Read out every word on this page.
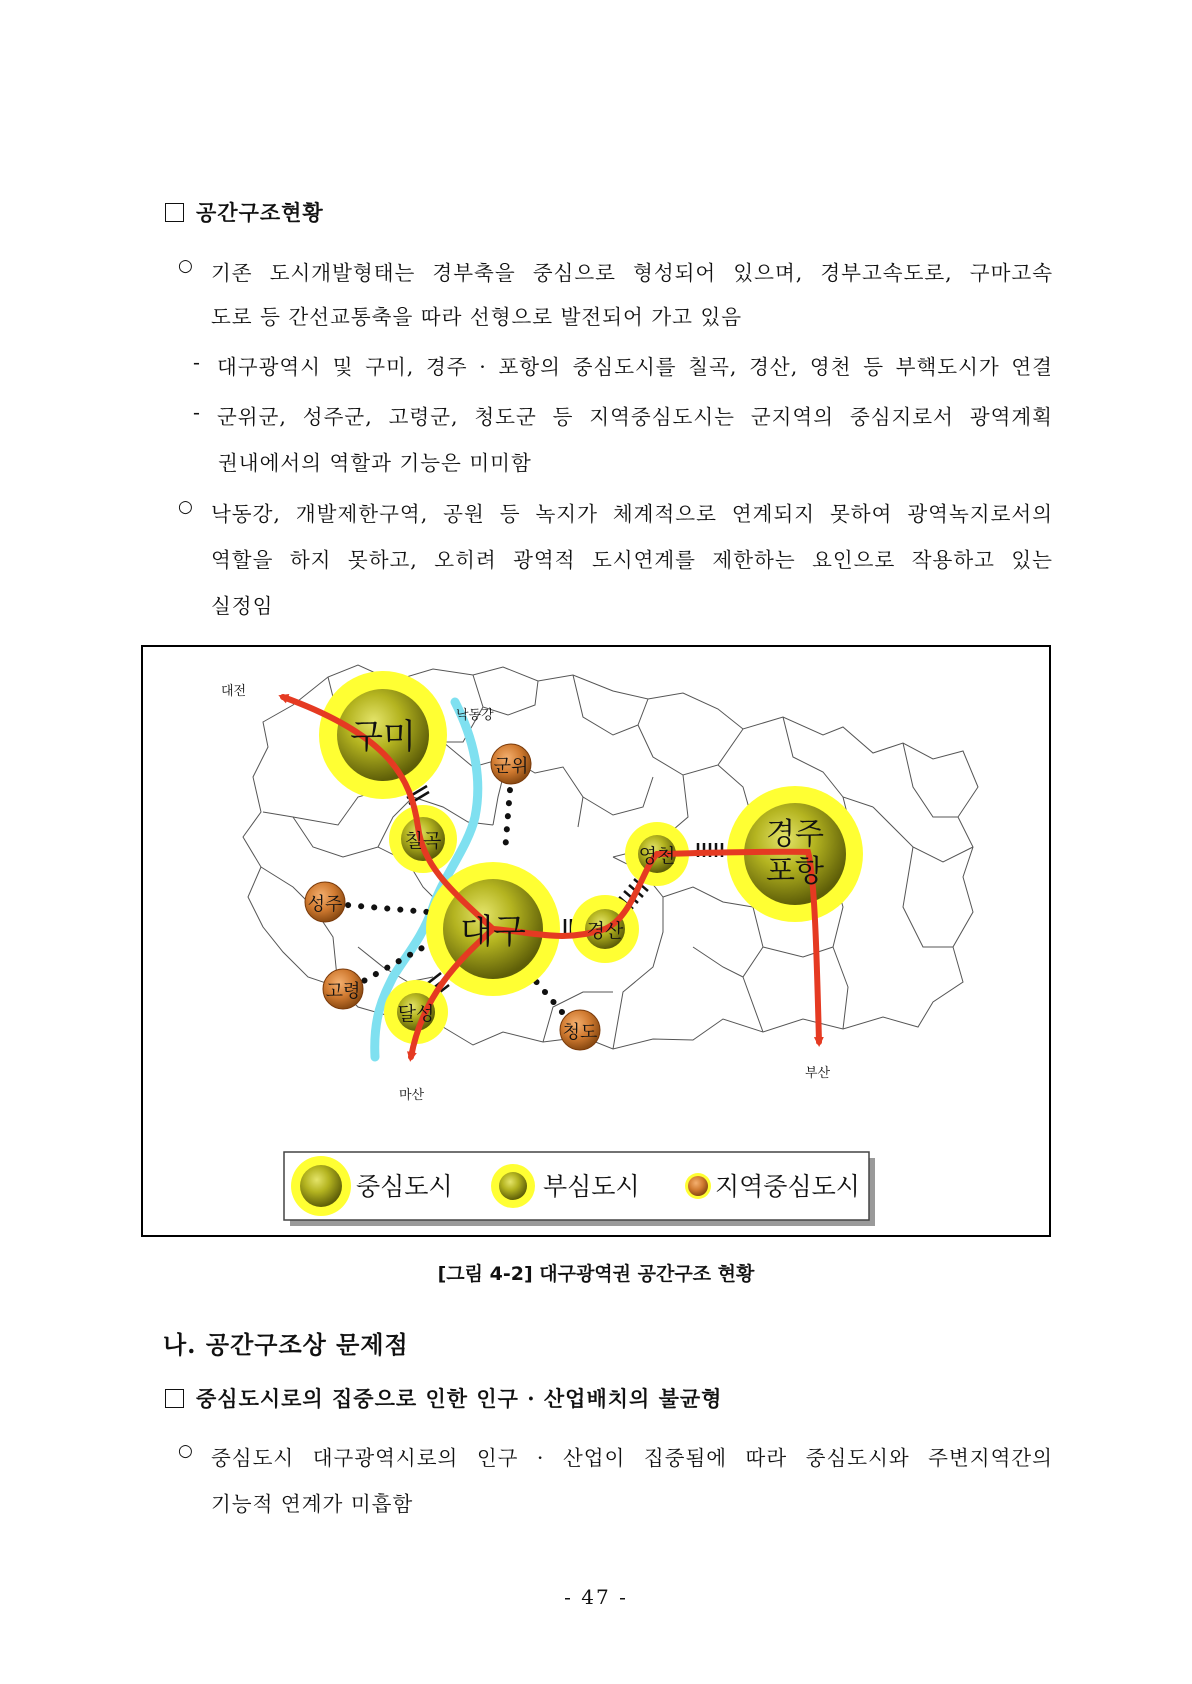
공간구조현황
○ 기존 도시개발형태는 경부축을 중심으로 형성되어 있으며, 경부고속도로, 구마고속
도로 등 간선교통축을 따라 선형으로 발전되어 가고 있음
- 대구광역시 및 구미, 경주 · 포항의 중심도시를 칠곡, 경산, 영천 등 부핵도시가 연결
- 군위군, 성주군, 고령군, 청도군 등 지역중심도시는 군지역의 중심지로서 광역계획
권내에서의 역할과 기능은 미미함
○ 낙동강, 개발제한구역, 공원 등 녹지가 체계적으로 연계되지 못하여 광역녹지로서의
역할을 하지 못하고, 오히려 광역적 도시연계를 제한하는 요인으로 작용하고 있는
실정임
대전
낙동강
부산
마산
구미
대구
경주
포항
칠곡
경산
영천
달성
군위
성주
고령
청도
중심도시	부심도시	지역중심도시
[그림 4-2] 대구광역권 공간구조 현황
나. 공간구조상 문제점
중심도시로의 집중으로 인한 인구 · 산업배치의 불균형
○ 중심도시 대구광역시로의 인구 · 산업이 집중됨에 따라 중심도시와 주변지역간의
기능적 연계가 미흡함
- 47 -
